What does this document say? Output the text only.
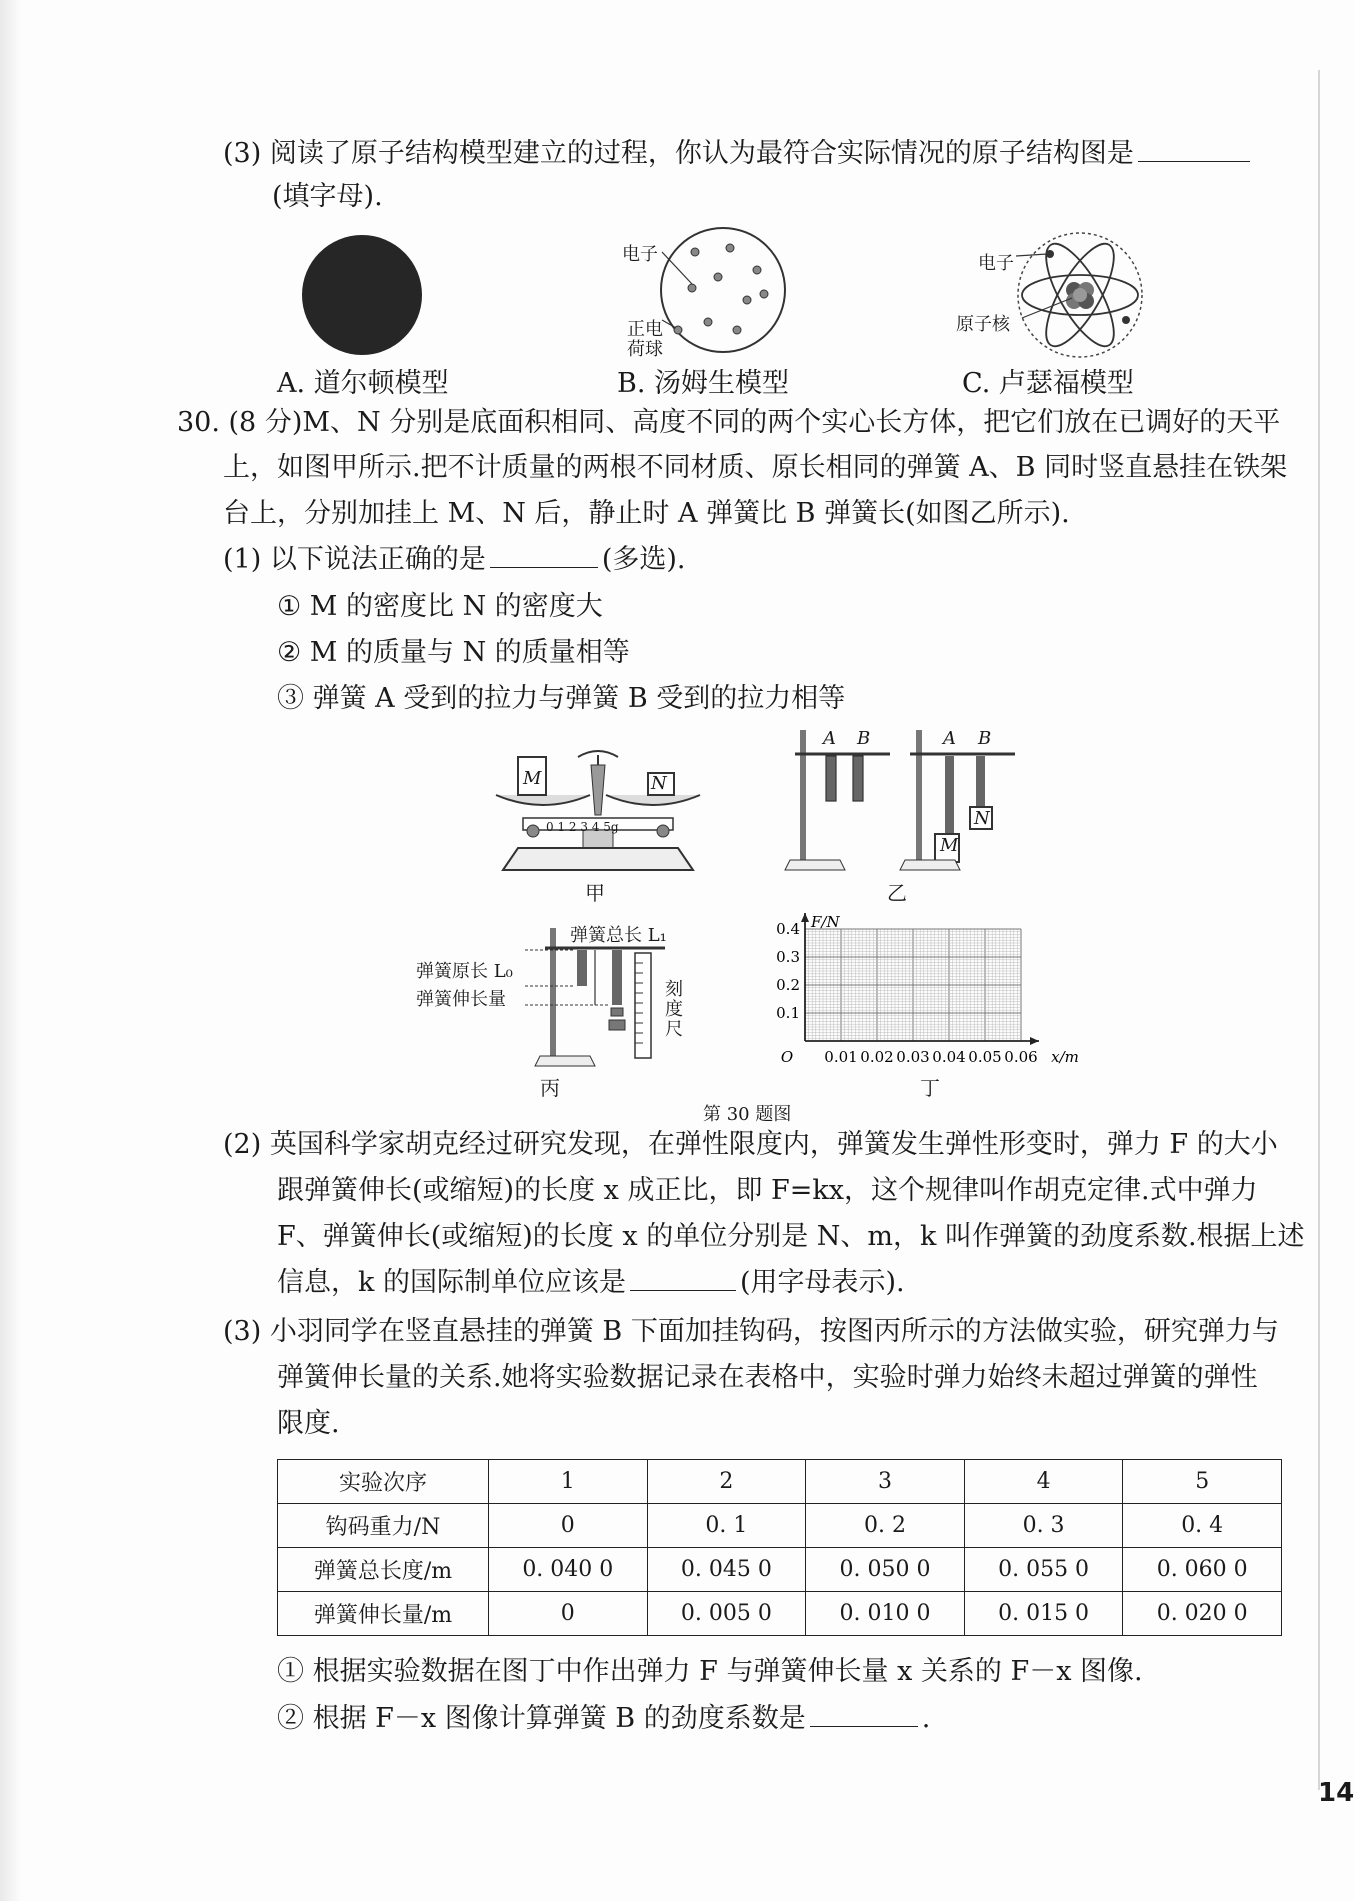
(3) 阅读了原子结构模型建立的过程，你认为最符合实际情况的原子结构图是
(填字母).
电子
正电
荷球
电子
原子核
A. 道尔顿模型	B. 汤姆生模型	C. 卢瑟福模型
30. (8 分)M、N 分别是底面积相同、高度不同的两个实心长方体，把它们放在已调好的天平
上，如图甲所示.把不计质量的两根不同材质、原长相同的弹簧 A、B 同时竖直悬挂在铁架
台上，分别加挂上 M、N 后，静止时 A 弹簧比 B 弹簧长(如图乙所示).
(1) 以下说法正确的是	(多选).
① M 的密度比 N 的密度大
② M 的质量与 N 的质量相等
③ 弹簧 A 受到的拉力与弹簧 B 受到的拉力相等
M	N
0 1 2 3 4 5g
甲
A B	A B
M
N
乙
弹簧总长 L₁
弹簧原长 L₀
弹簧伸长量	刻
度
尺
丙
0.01 0.02 0.03 0.04 0.05 0.06
0.1
0.2
0.3
0.4
O	x/m
F/N
丁
第 30 题图
(2) 英国科学家胡克经过研究发现，在弹性限度内，弹簧发生弹性形变时，弹力 F 的大小
跟弹簧伸长(或缩短)的长度 x 成正比，即 F=kx，这个规律叫作胡克定律.式中弹力
F、弹簧伸长(或缩短)的长度 x 的单位分别是 N、m，k 叫作弹簧的劲度系数.根据上述
信息，k 的国际制单位应该是	(用字母表示).
(3) 小羽同学在竖直悬挂的弹簧 B 下面加挂钩码，按图丙所示的方法做实验，研究弹力与
弹簧伸长量的关系.她将实验数据记录在表格中，实验时弹力始终未超过弹簧的弹性
限度.
实验次序	1	2	3	4	5
钩码重力/N	0	0. 1	0. 2	0. 3	0. 4
弹簧总长度/m	0. 040 0	0. 045 0	0. 050 0	0. 055 0	0. 060 0
弹簧伸长量/m	0	0. 005 0	0. 010 0	0. 015 0	0. 020 0
① 根据实验数据在图丁中作出弹力 F 与弹簧伸长量 x 关系的 F－x 图像.
② 根据 F－x 图像计算弹簧 B 的劲度系数是	.
14
